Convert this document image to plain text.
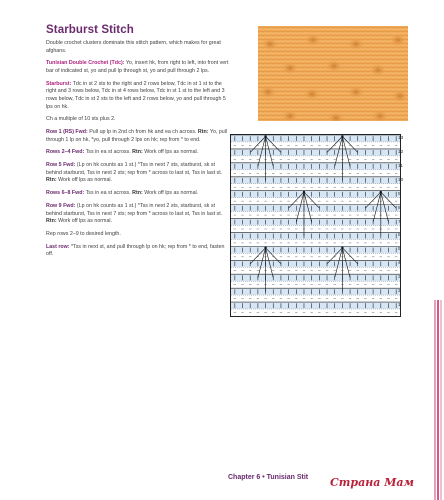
Starburst Stitch

Double crochet clusters dominate this stitch pattern, which makes for great afghans.

Tunisian Double Crochet (Tdc): Yo, insert hk, from right to left, into front vert bar of indicated st, yo and pull lp through st, yo and pull through 2 lps.

Starburst: Tdc in st 2 sts to the right and 2 rows below, Tdc in st 1 st to the right and 3 rows below, Tdc in st 4 rows below, Tdc in st 1 st to the left and 3 rows below, Tdc in st 2 sts to the left and 2 rows below, yo and pull through 5 lps on hk.

Ch a multiple of 10 sts plus 2.

Row 1 (RS) Fwd: Pull up lp in 2nd ch from hk and ea ch across. Rtn: Yo, pull through 1 lp on hk, *yo, pull through 2 lps on hk; rep from * to end.

Rows 2–4 Fwd: Tss in ea st across. Rtn: Work off lps as normal.

Row 5 Fwd: (Lp on hk counts as 1 st.) *Tss in next 7 sts, starburst, sk st behind starburst, Tss in next 2 sts; rep from * across to last st, Tss in last st. Rtn: Work off lps as normal.

Rows 6–8 Fwd: Tss in ea st across. Rtn: Work off lps as normal.

Row 9 Fwd: (Lp on hk counts as 1 st.) *Tss in next 2 sts, starburst, sk st behind starburst, Tss in next 7 sts; rep from * across to last st, Tss in last st. Rtn: Work off lps as normal.

Rep rows 2–9 to desired length.

Last row: *Tss in next st, and pull through lp on hk; rep from * to end, fasten off.

13
12
11
10
9
8
7
6
5
4
3
2
1
Chapter 6 • Tunisian Stit Страна Мам
